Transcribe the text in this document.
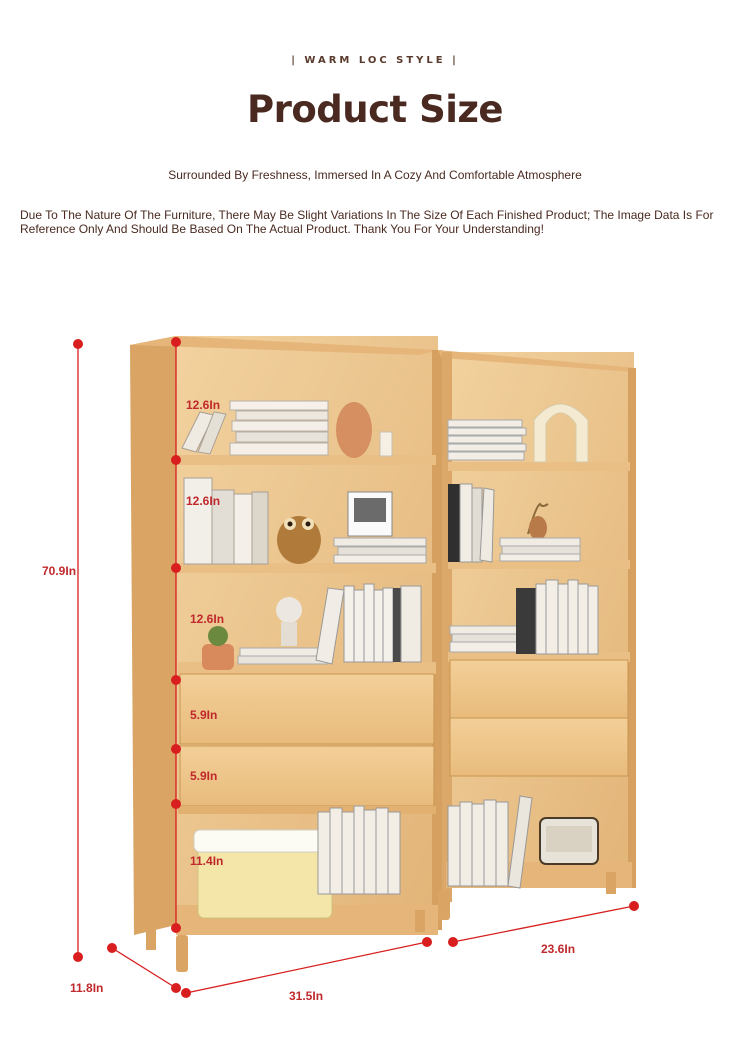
| WARM LOC STYLE |
Product Size
Surrounded By Freshness, Immersed In A Cozy And Comfortable Atmosphere
Due To The Nature Of The Furniture, There May Be Slight Variations In The Size Of Each Finished Product; The Image Data Is For Reference Only And Should Be Based On The Actual Product. Thank You For Your Understanding!
70.9In
12.6In
12.6In
12.6In
5.9In
5.9In
11.4In
11.8In
31.5In
23.6In
